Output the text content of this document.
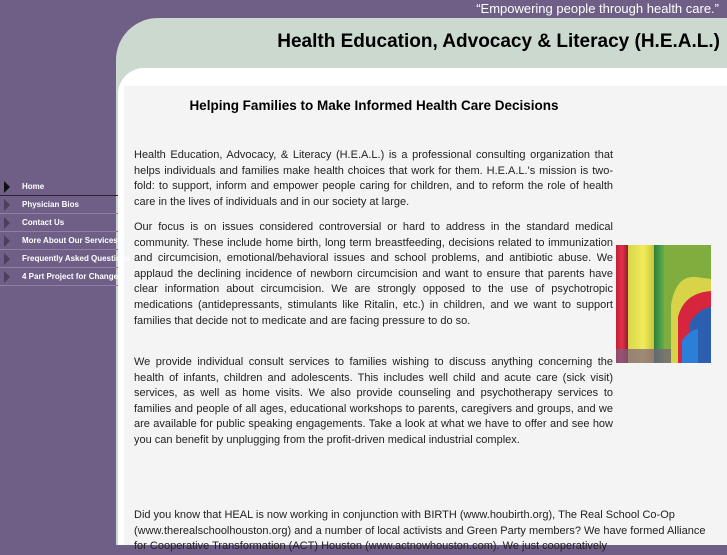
“Empowering people through health care.”
Health Education, Advocacy & Literacy (H.E.A.L.)
Helping Families to Make Informed Health Care Decisions

Health Education, Advocacy, & Literacy (H.E.A.L.) is a professional consulting organization that helps individuals and families make health choices that work for them. H.E.A.L.'s mission is two-fold: to support, inform and empower people caring for children, and to reform the role of health care in the lives of individuals and in our society at large.

Our focus is on issues considered controversial or hard to address in the standard medical community. These include home birth, long term breastfeeding, decisions related to immunization and circumcision, emotional/behavioral issues and school problems, and antibiotic abuse. We applaud the declining incidence of newborn circumcision and want to ensure that parents have clear information about circumcision. We are strongly opposed to the use of psychotropic medications (antidepressants, stimulants like Ritalin, etc.) in children, and we want to support families that decide not to medicate and are facing pressure to do so.

We provide individual consult services to families wishing to discuss anything concerning the health of infants, children and adolescents. This includes well child and acute care (sick visit) services, as well as home visits. We also provide counseling and psychotherapy services to families and people of all ages, educational workshops to parents, caregivers and groups, and we are available for public speaking engagements. Take a look at what we have to offer and see how you can benefit by unplugging from the profit-driven medical industrial complex.

Did you know that HEAL is now working in conjunction with BIRTH (www.houbirth.org), The Real School Co-Op (www.therealschoolhouston.org) and a number of local activists and Green Party members? We have formed Alliance for Cooperative Transformation (ACT) Houston (www.actnowhouston.com). We just cooperatively

Home
Physician Bios
Contact Us
More About Our Services
Frequently Asked Questions
4 Part Project for Change
